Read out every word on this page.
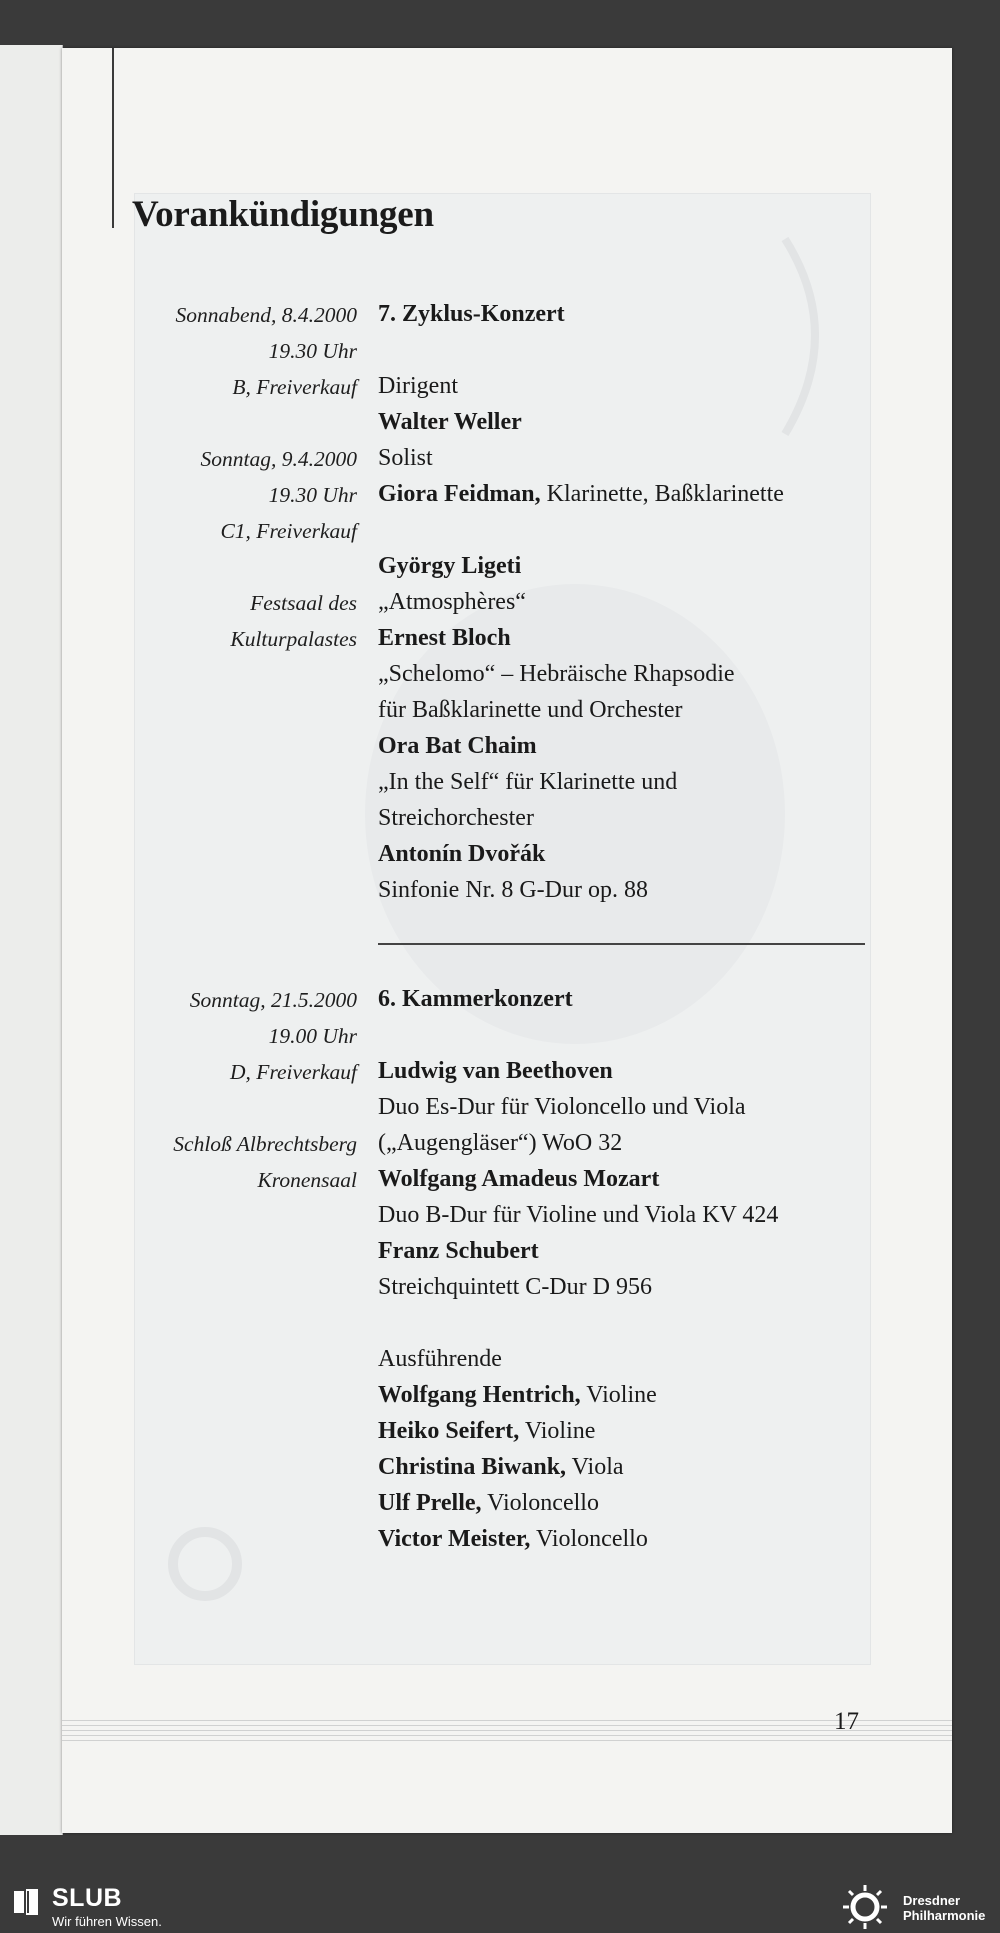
Vorankündigungen
Sonnabend, 8.4.2000
19.30 Uhr
B, Freiverkauf
Sonntag, 9.4.2000
19.30 Uhr
C1, Freiverkauf
Festsaal des
Kulturpalastes
7. Zyklus-Konzert
Dirigent
Walter Weller
Solist
Giora Feidman, Klarinette, Baßklarinette
György Ligeti
„Atmosphères“
Ernest Bloch
„Schelomo“ – Hebräische Rhapsodie
für Baßklarinette und Orchester
Ora Bat Chaim
„In the Self“ für Klarinette und
Streichorchester
Antonín Dvořák
Sinfonie Nr. 8 G-Dur op. 88
Sonntag, 21.5.2000
19.00 Uhr
D, Freiverkauf
Schloß Albrechtsberg
Kronensaal
6. Kammerkonzert
Ludwig van Beethoven
Duo Es-Dur für Violoncello und Viola
(„Augengläser“) WoO 32
Wolfgang Amadeus Mozart
Duo B-Dur für Violine und Viola KV 424
Franz Schubert
Streichquintett C-Dur D 956
Ausführende
Wolfgang Hentrich, Violine
Heiko Seifert, Violine
Christina Biwank, Viola
Ulf Prelle, Violoncello
Victor Meister, Violoncello
17
SLUB
Wir führen Wissen.
Dresdner
Philharmonie
